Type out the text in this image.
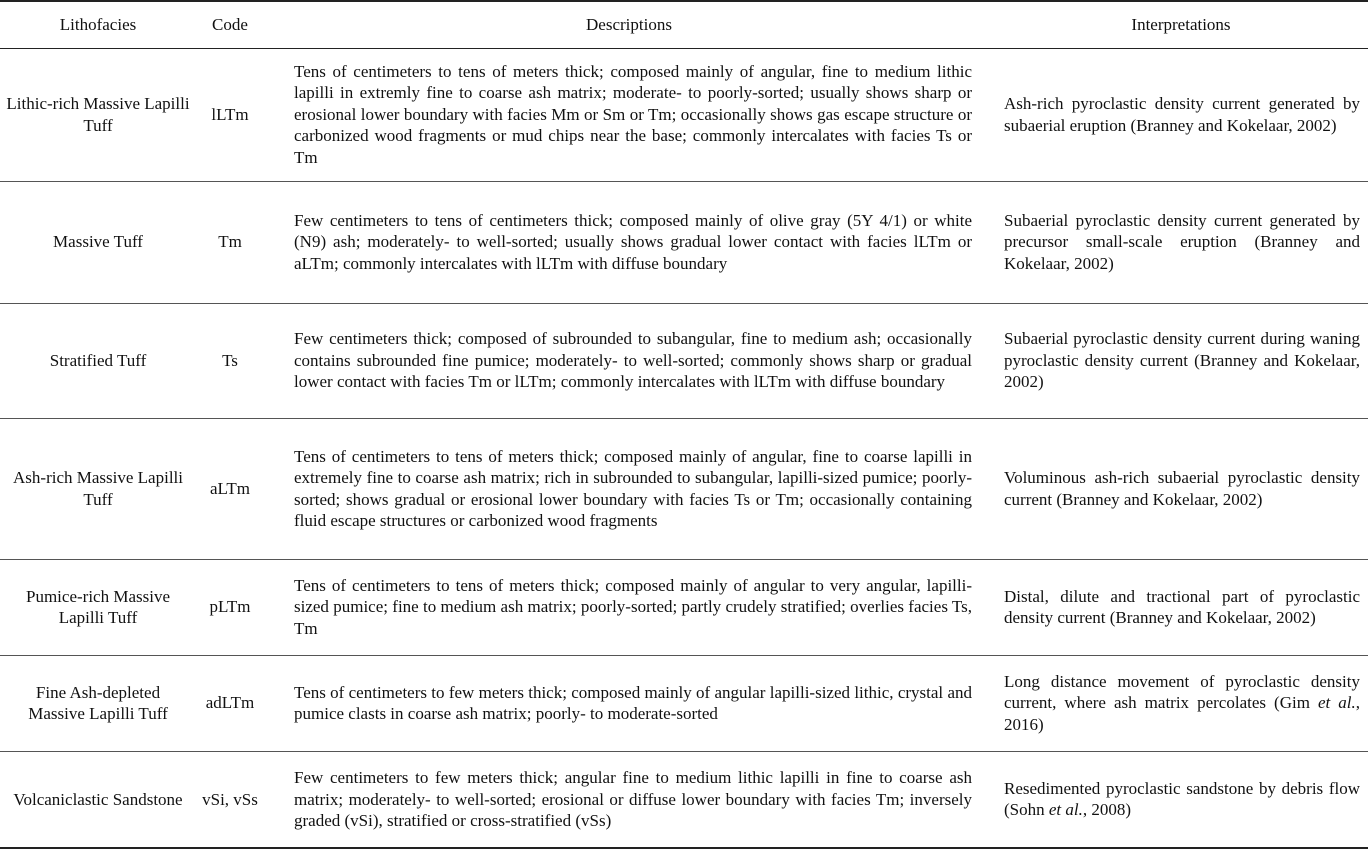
Lithofacies	Code	Descriptions	Interpretations
Lithic-rich Massive Lapilli Tuff	lLTm	Tens of centimeters to tens of meters thick; composed mainly of angular, fine to medium lithic lapilli in extremly fine to coarse ash matrix; moderate- to poorly-sorted; usually shows sharp or erosional lower boundary with facies Mm or Sm or Tm; occasionally shows gas escape structure or carbonized wood fragments or mud chips near the base; commonly intercalates with facies Ts or Tm	Ash-rich pyroclastic density current generated by subaerial eruption (Branney and Kokelaar, 2002)
Massive Tuff	Tm	Few centimeters to tens of centimeters thick; composed mainly of olive gray (5Y 4/1) or white (N9) ash; moderately- to well-sorted; usually shows gradual lower contact with facies lLTm or aLTm; commonly intercalates with lLTm with diffuse boundary	Subaerial pyroclastic density current generated by precursor small-scale eruption (Branney and Kokelaar, 2002)
Stratified Tuff	Ts	Few centimeters thick; composed of subrounded to subangular, fine to medium ash; occasionally contains subrounded fine pumice; moderately- to well-sorted; commonly shows sharp or gradual lower contact with facies Tm or lLTm; commonly intercalates with lLTm with diffuse boundary	Subaerial pyroclastic density current during waning pyroclastic density current (Branney and Kokelaar, 2002)
Ash-rich Massive Lapilli Tuff	aLTm	Tens of centimeters to tens of meters thick; composed mainly of angular, fine to coarse lapilli in extremely fine to coarse ash matrix; rich in subrounded to subangular, lapilli-sized pumice; poorly-sorted; shows gradual or erosional lower boundary with facies Ts or Tm; occasionally containing fluid escape structures or carbonized wood fragments	Voluminous ash-rich subaerial pyroclastic density current (Branney and Kokelaar, 2002)
Pumice-rich Massive Lapilli Tuff	pLTm	Tens of centimeters to tens of meters thick; composed mainly of angular to very angular, lapilli-sized pumice; fine to medium ash matrix; poorly-sorted; partly crudely stratified; overlies facies Ts, Tm	Distal, dilute and tractional part of pyroclastic density current (Branney and Kokelaar, 2002)
Fine Ash-depleted Massive Lapilli Tuff	adLTm	Tens of centimeters to few meters thick; composed mainly of angular lapilli-sized lithic, crystal and pumice clasts in coarse ash matrix; poorly- to moderate-sorted	Long distance movement of pyroclastic density current, where ash matrix percolates (Gim et al., 2016)
Volcaniclastic Sandstone	vSi, vSs	Few centimeters to few meters thick; angular fine to medium lithic lapilli in fine to coarse ash matrix; moderately- to well-sorted; erosional or diffuse lower boundary with facies Tm; inversely graded (vSi), stratified or cross-stratified (vSs)	Resedimented pyroclastic sandstone by debris flow (Sohn et al., 2008)
